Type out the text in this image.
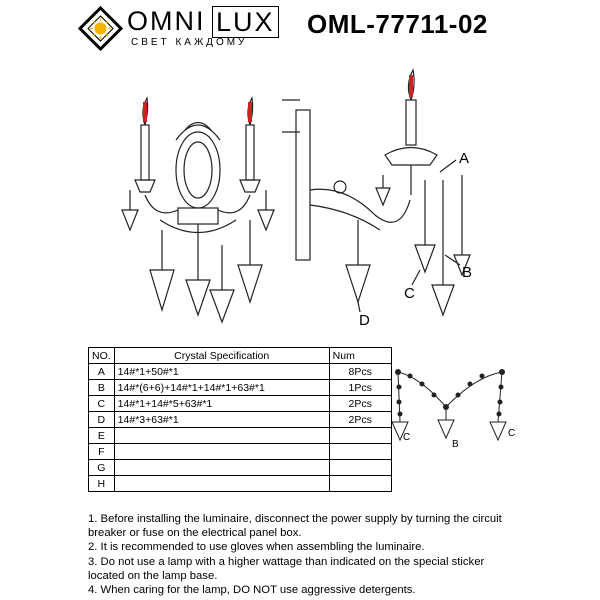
OMNI LUX
СВЕТ КАЖДОМУ
OML-77711-02
A
B
C
D
NO.	Crystal Specification	Num
A	14#*1+50#*1	8Pcs
B	14#*(6+6)+14#*1+14#*1+63#*1	1Pcs
C	14#*1+14#*5+63#*1	2Pcs
D	14#*3+63#*1	2Pcs
E		
F		
G		
H		
C
B
C

1. Before installing the luminaire, disconnect the power supply by turning the circuit breaker or fuse on the electrical panel box.

2. It is recommended to use gloves when assembling the luminaire.

3. Do not use a lamp with a higher wattage than indicated on the special sticker located on the lamp base.

4. When caring for the lamp, DO NOT use aggressive detergents.
